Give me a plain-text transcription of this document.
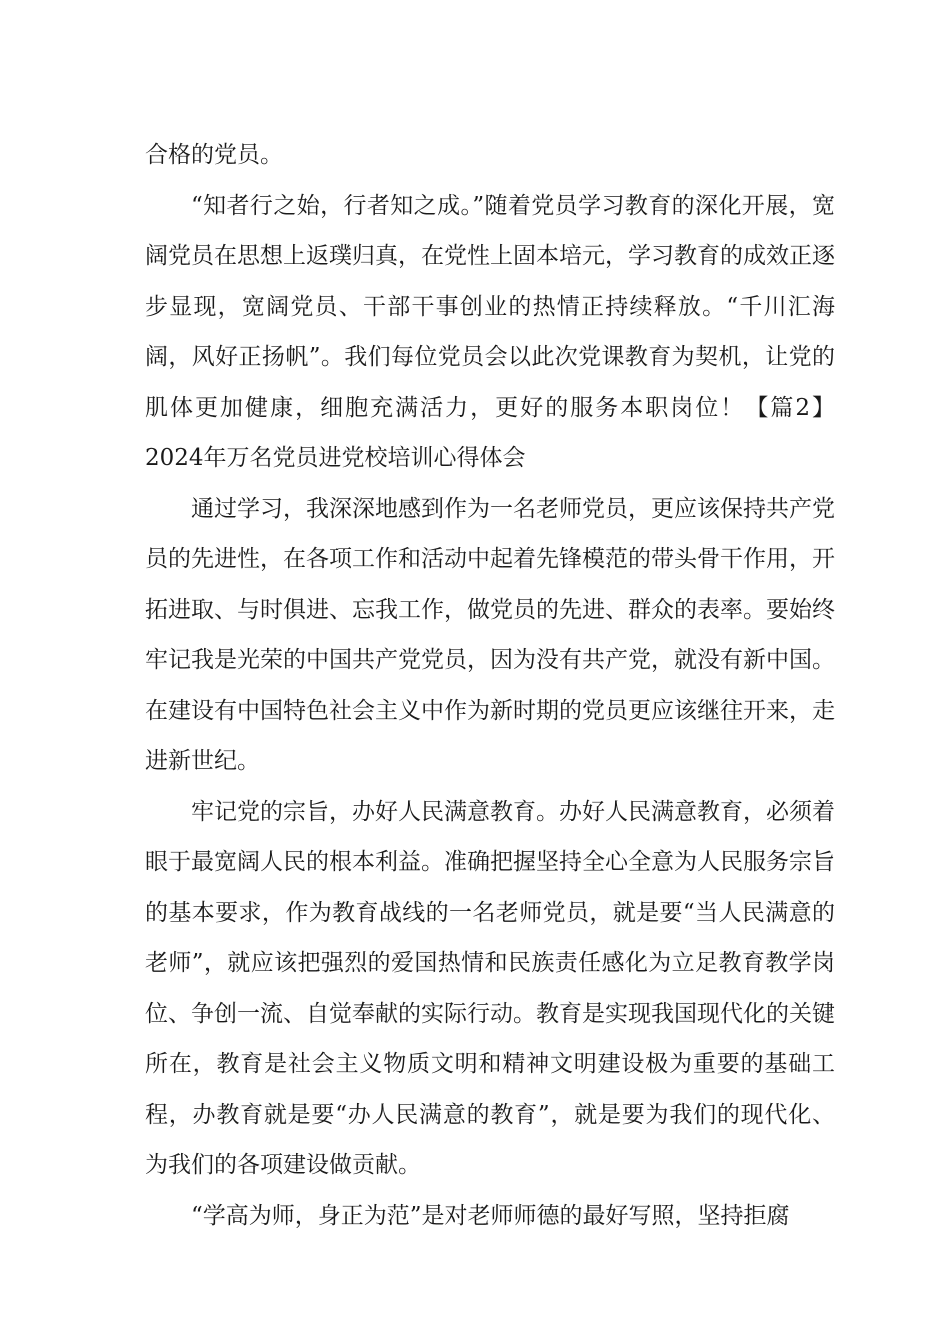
合格的党员。

“知者行之始，行者知之成。”随着党员学习教育的深化开展，宽阔党员在思想上返璞归真，在党性上固本培元，学习教育的成效正逐步显现，宽阔党员、干部干事创业的热情正持续释放。“千川汇海阔，风好正扬帆”。我们每位党员会以此次党课教育为契机，让党的肌体更加健康，细胞充满活力，更好的服务本职岗位！【篇2】2024年万名党员进党校培训心得体会

通过学习，我深深地感到作为一名老师党员，更应该保持共产党员的先进性，在各项工作和活动中起着先锋模范的带头骨干作用，开拓进取、与时俱进、忘我工作，做党员的先进、群众的表率。要始终牢记我是光荣的中国共产党党员，因为没有共产党，就没有新中国。在建设有中国特色社会主义中作为新时期的党员更应该继往开来，走进新世纪。

牢记党的宗旨，办好人民满意教育。办好人民满意教育，必须着眼于最宽阔人民的根本利益。准确把握坚持全心全意为人民服务宗旨的基本要求，作为教育战线的一名老师党员，就是要“当人民满意的老师”，就应该把强烈的爱国热情和民族责任感化为立足教育教学岗位、争创一流、自觉奉献的实际行动。教育是实现我国现代化的关键所在，教育是社会主义物质文明和精神文明建设极为重要的基础工程，办教育就是要“办人民满意的教育”，就是要为我们的现代化、为我们的各项建设做贡献。

“学高为师，身正为范”是对老师师德的最好写照，坚持拒腐
